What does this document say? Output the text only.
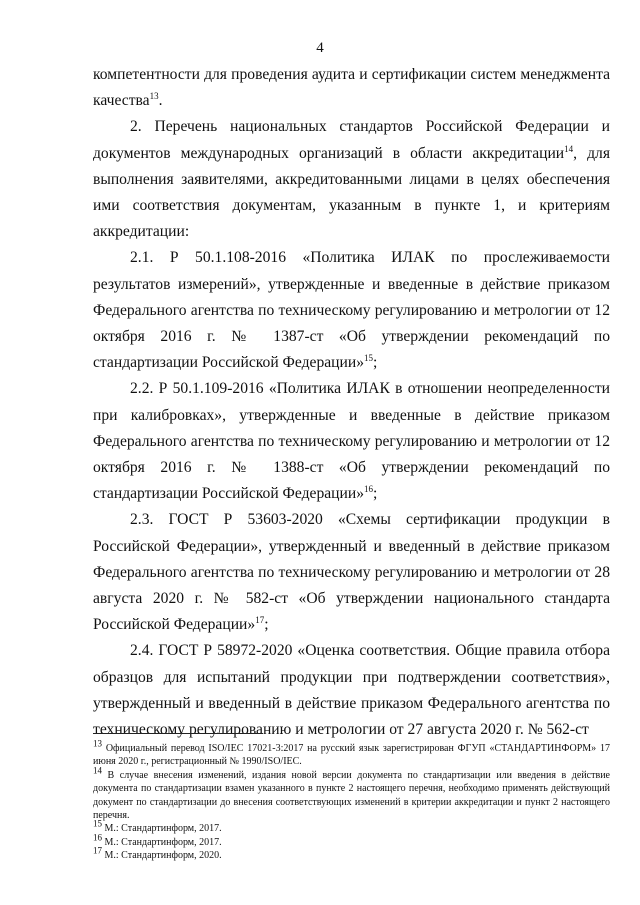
4

компетентности для проведения аудита и сертификации систем менеджмента качества$^{13}$.

2. Перечень национальных стандартов Российской Федерации и документов международных организаций в области аккредитации$^{14}$, для выполнения заявителями, аккредитованными лицами в целях обеспечения ими соответствия документам, указанным в пункте 1, и критериям аккредитации:

2.1. Р 50.1.108-2016 «Политика ИЛАК по прослеживаемости результатов измерений», утвержденные и введенные в действие приказом Федерального агентства по техническому регулированию и метрологии от 12 октября 2016 г. № 1387-ст «Об утверждении рекомендаций по стандартизации Российской Федерации»$^{15}$;

2.2. Р 50.1.109-2016 «Политика ИЛАК в отношении неопределенности при калибровках», утвержденные и введенные в действие приказом Федерального агентства по техническому регулированию и метрологии от 12 октября 2016 г. № 1388-ст «Об утверждении рекомендаций по стандартизации Российской Федерации»$^{16}$;

2.3. ГОСТ Р 53603-2020 «Схемы сертификации продукции в Российской Федерации», утвержденный и введенный в действие приказом Федерального агентства по техническому регулированию и метрологии от 28 августа 2020 г. № 582-ст «Об утверждении национального стандарта Российской Федерации»$^{17}$;

2.4. ГОСТ Р 58972-2020 «Оценка соответствия. Общие правила отбора образцов для испытаний продукции при подтверждении соответствия», утвержденный и введенный в действие приказом Федерального агентства по техническому регулированию и метрологии от 27 августа 2020 г. № 562-ст

$^{13}$ Официальный перевод ISO/IEC 17021-3:2017 на русский язык зарегистрирован ФГУП «СТАНДАРТИНФОРМ» 17 июня 2020 г., регистрационный № 1990/ISO/IEC.

$^{14}$ В случае внесения изменений, издания новой версии документа по стандартизации или введения в действие документа по стандартизации взамен указанного в пункте 2 настоящего перечня, необходимо применять действующий документ по стандартизации до внесения соответствующих изменений в критерии аккредитации и пункт 2 настоящего перечня.

$^{15}$ М.: Стандартинформ, 2017.

$^{16}$ М.: Стандартинформ, 2017.

$^{17}$ М.: Стандартинформ, 2020.
